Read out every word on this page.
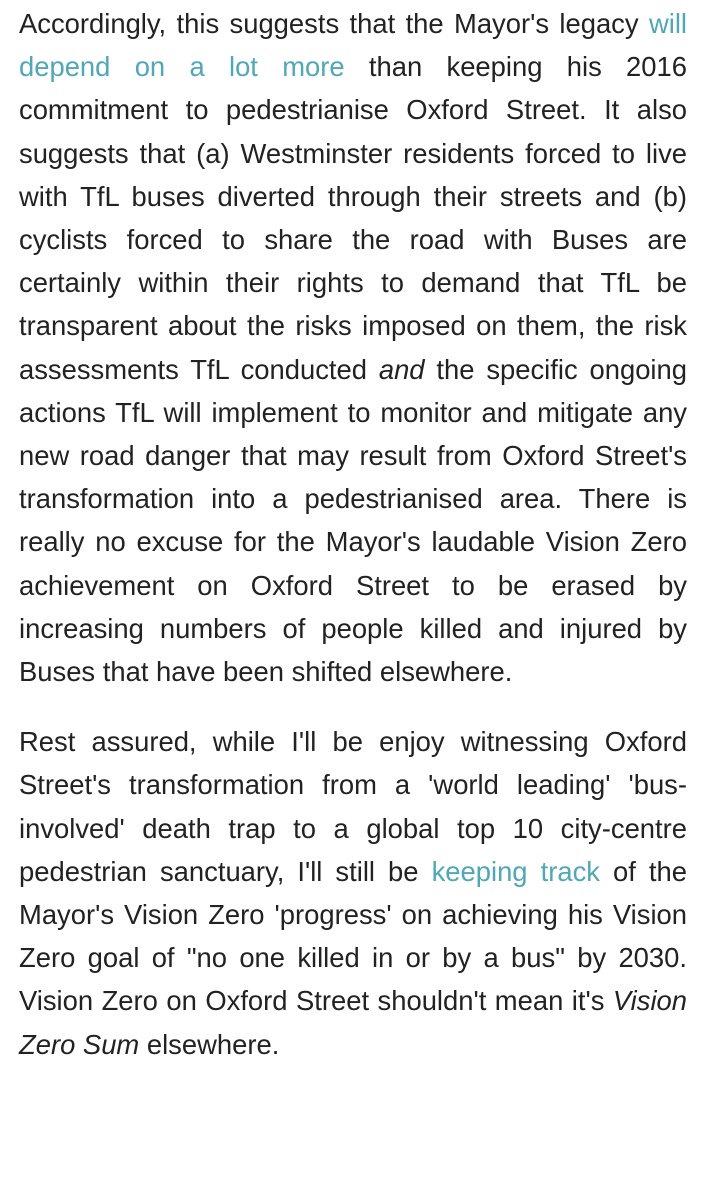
Accordingly, this suggests that the Mayor's legacy will depend on a lot more than keeping his 2016 commitment to pedestrianise Oxford Street. It also suggests that (a) Westminster residents forced to live with TfL buses diverted through their streets and (b) cyclists forced to share the road with Buses are certainly within their rights to demand that TfL be transparent about the risks imposed on them, the risk assessments TfL conducted and the specific ongoing actions TfL will implement to monitor and mitigate any new road danger that may result from Oxford Street's transformation into a pedestrianised area. There is really no excuse for the Mayor's laudable Vision Zero achievement on Oxford Street to be erased by increasing numbers of people killed and injured by Buses that have been shifted elsewhere.

Rest assured, while I'll be enjoy witnessing Oxford Street's transformation from a 'world leading' 'bus-involved' death trap to a global top 10 city-centre pedestrian sanctuary, I'll still be keeping track of the Mayor's Vision Zero 'progress' on achieving his Vision Zero goal of "no one killed in or by a bus" by 2030. Vision Zero on Oxford Street shouldn't mean it's Vision Zero Sum elsewhere.
